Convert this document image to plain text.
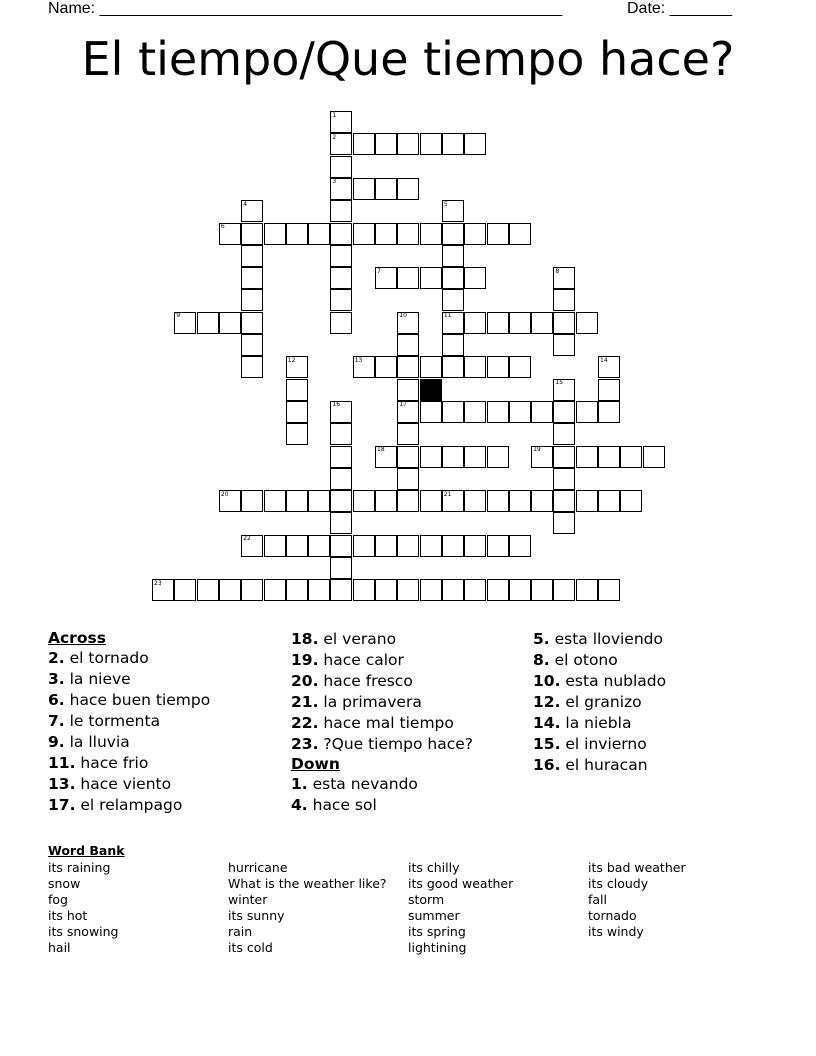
Name: ____________________________________________________	Date: _______
El tiempo/Que tiempo hace?
2
3
6
7
9	11
13
17
18	19
20	21
22
23
1
4	5
8
10
12	14
15
16
Across
2. el tornado
3. la nieve
6. hace buen tiempo
7. le tormenta
9. la lluvia
11. hace frio
13. hace viento
17. el relampago
18. el verano
19. hace calor
20. hace fresco
21. la primavera
22. hace mal tiempo
23. ?Que tiempo hace?
Down
1. esta nevando
4. hace sol
5. esta lloviendo
8. el otono
10. esta nublado
12. el granizo
14. la niebla
15. el invierno
16. el huracan
Word Bank
its raining
snow
fog
its hot
its snowing
hail
hurricane
What is the weather like?
winter
its sunny
rain
its cold
its chilly
its good weather
storm
summer
its spring
lightining
its bad weather
its cloudy
fall
tornado
its windy
